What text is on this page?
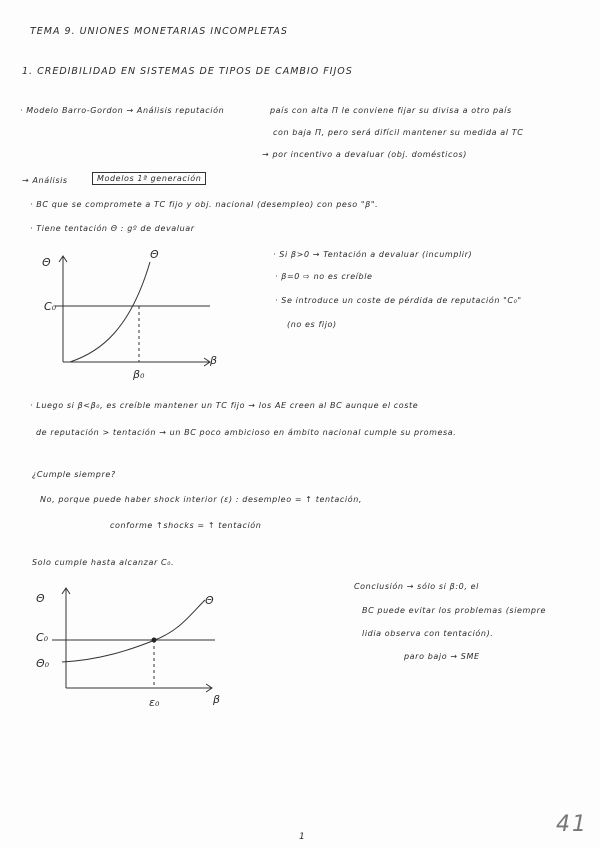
TEMA 9. UNIONES MONETARIAS INCOMPLETAS
1. CREDIBILIDAD EN SISTEMAS DE TIPOS DE CAMBIO FIJOS
· Modelo Barro-Gordon → Análisis reputación	país con alta Π le conviene fijar su divisa a otro país
con baja Π, pero será difícil mantener su medida al TC
→ por incentivo a devaluar (obj. domésticos)
→ Análisis	Modelos 1ª generación
· BC que se compromete a TC fijo y obj. nacional (desempleo) con peso "β".
· Tiene tentación Θ : gº de devaluar
Θ
Θ
C₀
β
β₀
Θ	Θ
C₀
Θ₀
β
ε₀
· Si β>0 → Tentación a devaluar (incumplir)
· β=0 ⇨ no es creíble
· Se introduce un coste de pérdida de reputación "C₀"
(no es fijo)
· Luego si β<β₀, es creíble mantener un TC fijo → los AE creen al BC aunque el coste
de reputación > tentación → un BC poco ambicioso en ámbito nacional cumple su promesa.
¿Cumple siempre?
No, porque puede haber shock interior (ε) : desempleo = ↑ tentación,
conforme ↑shocks = ↑ tentación
Solo cumple hasta alcanzar C₀.
Conclusión → sólo si β:0, el
BC puede evitar los problemas (siempre
lidia observa con tentación).
paro bajo → SME
1	41
